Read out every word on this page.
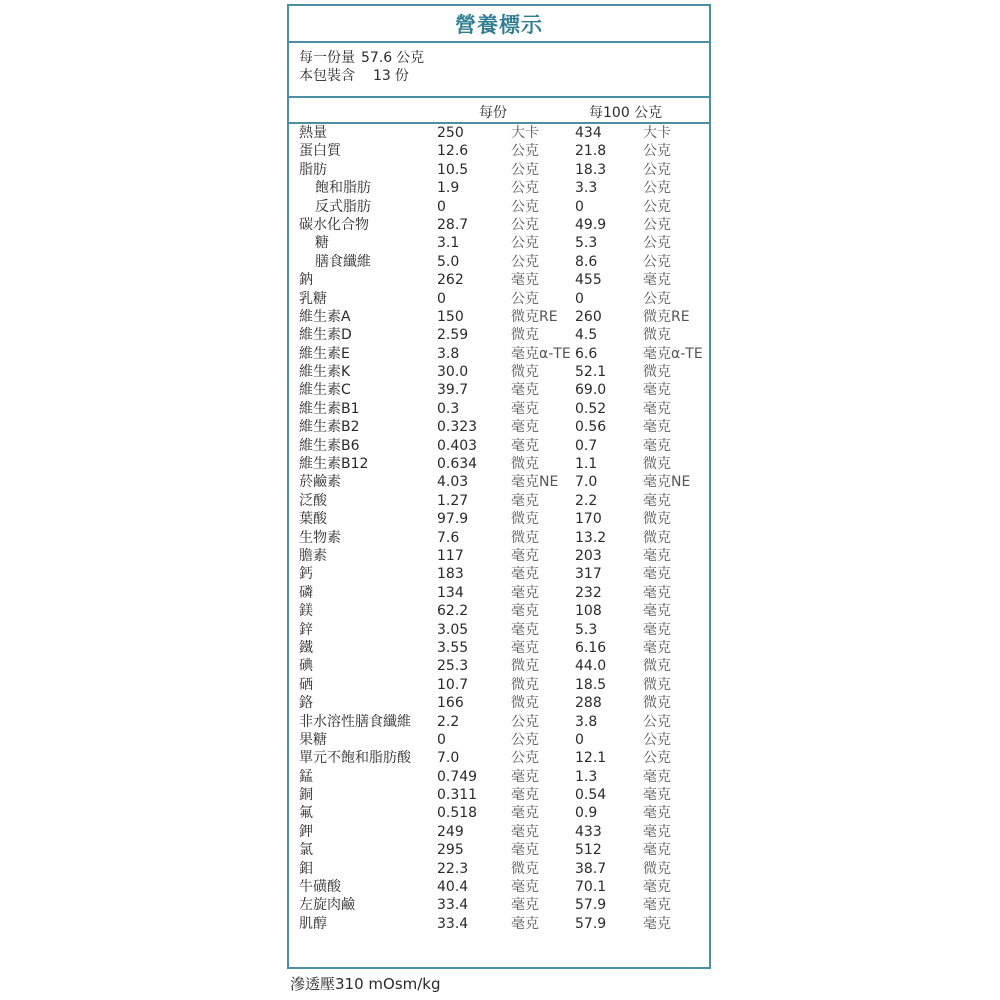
營養標示
每一份量 57.6 公克
本包裝含 13 份
每份	每100 公克
熱量	250	大卡	434	大卡
蛋白質	12.6	公克	21.8	公克
脂肪	10.5	公克	18.3	公克
飽和脂肪	1.9	公克	3.3	公克
反式脂肪	0	公克	0	公克
碳水化合物	28.7	公克	49.9	公克
糖	3.1	公克	5.3	公克
膳食纖維	5.0	公克	8.6	公克
鈉	262	毫克	455	毫克
乳糖	0	公克	0	公克
維生素A	150	微克RE 260	微克RE
維生素D	2.59	微克	4.5	微克
維生素E	3.8	毫克α-TE 6.6	毫克α-TE
維生素K	30.0	微克	52.1	微克
維生素C	39.7	毫克	69.0	毫克
維生素B1	0.3	毫克	0.52	毫克
維生素B2	0.323 毫克	0.56	毫克
維生素B6	0.403 毫克	0.7	毫克
維生素B12	0.634 微克	1.1	微克
菸鹼素	4.03	毫克NE 7.0	毫克NE
泛酸	1.27	毫克	2.2	毫克
葉酸	97.9	微克	170	微克
生物素	7.6	微克	13.2	微克
膽素	117	毫克	203	毫克
鈣	183	毫克	317	毫克
磷	134	毫克	232	毫克
鎂	62.2	毫克	108	毫克
鋅	3.05	毫克	5.3	毫克
鐵	3.55	毫克	6.16	毫克
碘	25.3	微克	44.0	微克
硒	10.7	微克	18.5	微克
鉻	166	微克	288	微克
非水溶性膳食纖維 2.2	公克	3.8	公克
果糖	0	公克	0	公克
單元不飽和脂肪酸 7.0	公克	12.1	公克
錳	0.749 毫克	1.3	毫克
銅	0.311 毫克	0.54	毫克
氟	0.518 毫克	0.9	毫克
鉀	249	毫克	433	毫克
氯	295	毫克	512	毫克
鉬	22.3	微克	38.7	微克
牛磺酸	40.4	毫克	70.1	毫克
左旋肉鹼	33.4	毫克	57.9	毫克
肌醇	33.4	毫克	57.9	毫克
滲透壓310 mOsm/kg
